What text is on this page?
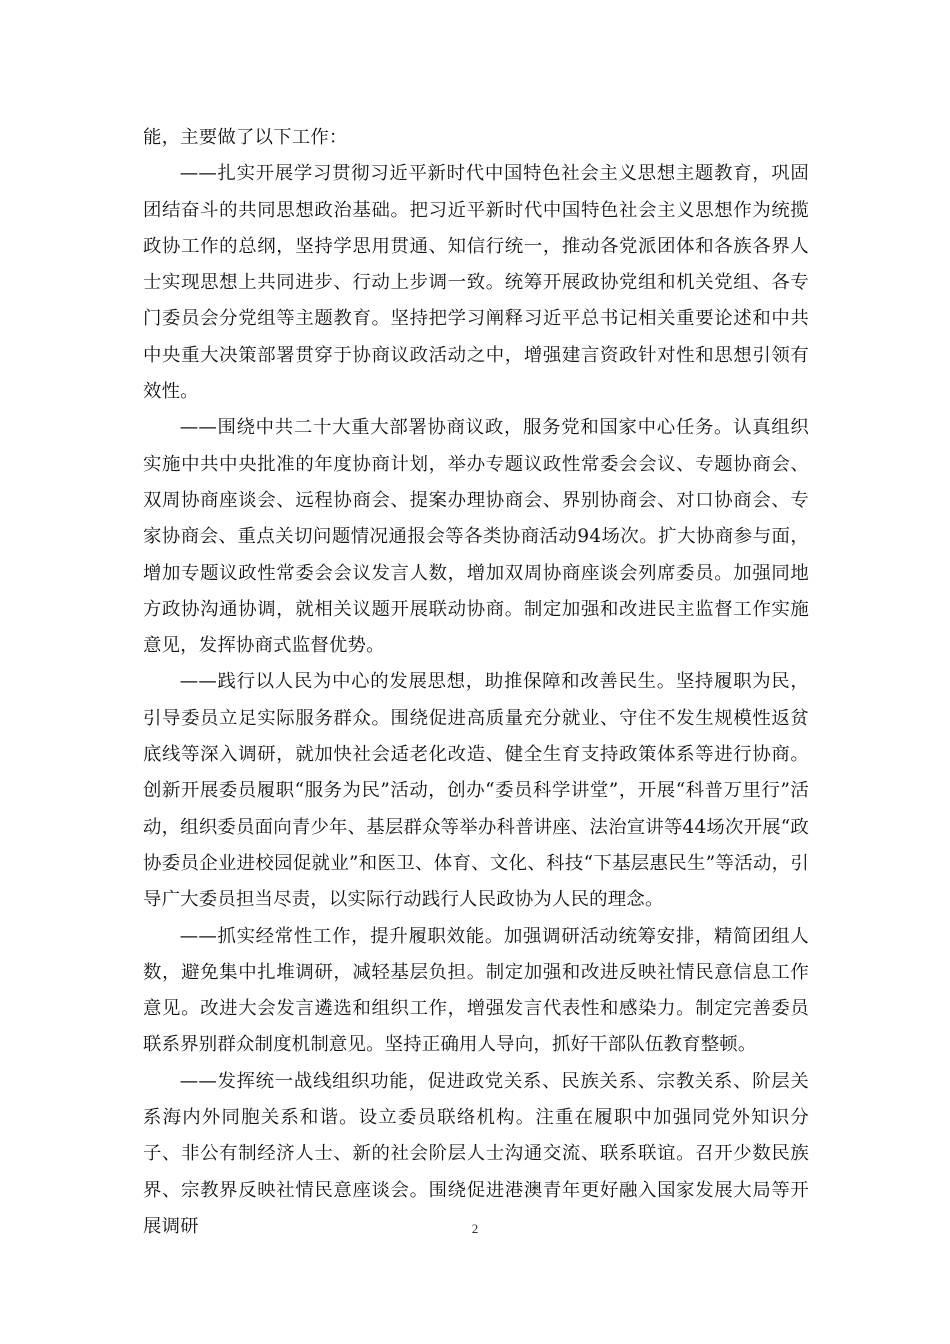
能，主要做了以下工作：

——扎实开展学习贯彻习近平新时代中国特色社会主义思想主题教育，巩固团结奋斗的共同思想政治基础。把习近平新时代中国特色社会主义思想作为统揽政协工作的总纲，坚持学思用贯通、知信行统一，推动各党派团体和各族各界人士实现思想上共同进步、行动上步调一致。统筹开展政协党组和机关党组、各专门委员会分党组等主题教育。坚持把学习阐释习近平总书记相关重要论述和中共中央重大决策部署贯穿于协商议政活动之中，增强建言资政针对性和思想引领有效性。

——围绕中共二十大重大部署协商议政，服务党和国家中心任务。认真组织实施中共中央批准的年度协商计划，举办专题议政性常委会会议、专题协商会、双周协商座谈会、远程协商会、提案办理协商会、界别协商会、对口协商会、专家协商会、重点关切问题情况通报会等各类协商活动94场次。扩大协商参与面，增加专题议政性常委会会议发言人数，增加双周协商座谈会列席委员。加强同地方政协沟通协调，就相关议题开展联动协商。制定加强和改进民主监督工作实施意见，发挥协商式监督优势。

——践行以人民为中心的发展思想，助推保障和改善民生。坚持履职为民，引导委员立足实际服务群众。围绕促进高质量充分就业、守住不发生规模性返贫底线等深入调研，就加快社会适老化改造、健全生育支持政策体系等进行协商。创新开展委员履职“服务为民”活动，创办“委员科学讲堂”，开展“科普万里行”活动，组织委员面向青少年、基层群众等举办科普讲座、法治宣讲等44场次开展“政协委员企业进校园促就业”和医卫、体育、文化、科技“下基层惠民生”等活动，引导广大委员担当尽责，以实际行动践行人民政协为人民的理念。

——抓实经常性工作，提升履职效能。加强调研活动统筹安排，精简团组人数，避免集中扎堆调研，减轻基层负担。制定加强和改进反映社情民意信息工作意见。改进大会发言遴选和组织工作，增强发言代表性和感染力。制定完善委员联系界别群众制度机制意见。坚持正确用人导向，抓好干部队伍教育整顿。

——发挥统一战线组织功能，促进政党关系、民族关系、宗教关系、阶层关系海内外同胞关系和谐。设立委员联络机构。注重在履职中加强同党外知识分子、非公有制经济人士、新的社会阶层人士沟通交流、联系联谊。召开少数民族界、宗教界反映社情民意座谈会。围绕促进港澳青年更好融入国家发展大局等开展调研	2
